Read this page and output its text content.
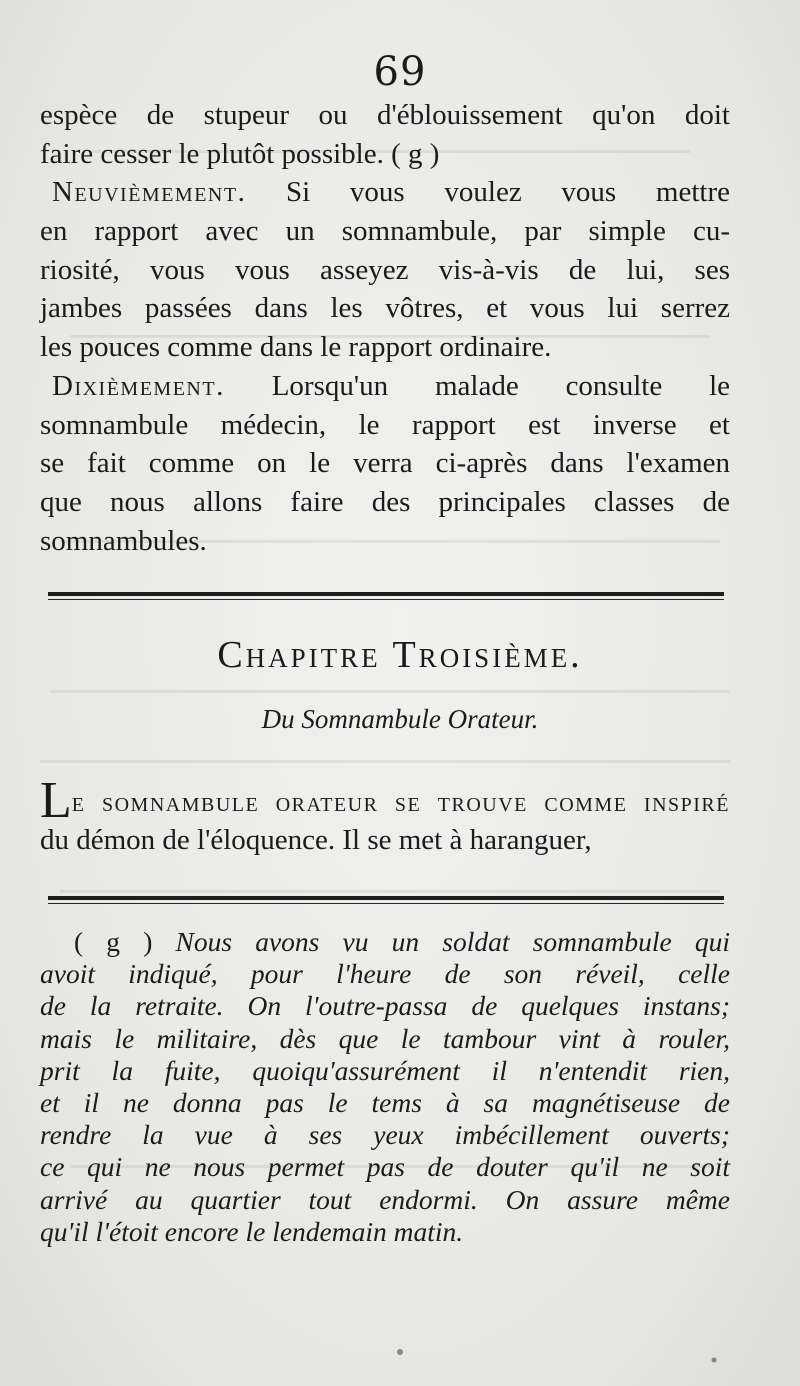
69
espèce de stupeur ou d'éblouissement qu'on doit
faire cesser le plutôt possible. ( g )
Neuvièmement. Si vous voulez vous mettre
en rapport avec un somnambule, par simple cu-
riosité, vous vous asseyez vis-à-vis de lui, ses
jambes passées dans les vôtres, et vous lui serrez
les pouces comme dans le rapport ordinaire.
Dixièmement. Lorsqu'un malade consulte le
somnambule médecin, le rapport est inverse et
se fait comme on le verra ci-après dans l'examen
que nous allons faire des principales classes de
somnambules.
Chapitre Troisième.
Du Somnambule Orateur.
Le somnambule orateur se trouve comme inspiré
du démon de l'éloquence. Il se met à haranguer,
( g ) Nous avons vu un soldat somnambule qui
avoit indiqué, pour l'heure de son réveil, celle
de la retraite. On l'outre-passa de quelques instans;
mais le militaire, dès que le tambour vint à rouler,
prit la fuite, quoiqu'assurément il n'entendit rien,
et il ne donna pas le tems à sa magnétiseuse de
rendre la vue à ses yeux imbécillement ouverts;
ce qui ne nous permet pas de douter qu'il ne soit
arrivé au quartier tout endormi. On assure même
qu'il l'étoit encore le lendemain matin.
